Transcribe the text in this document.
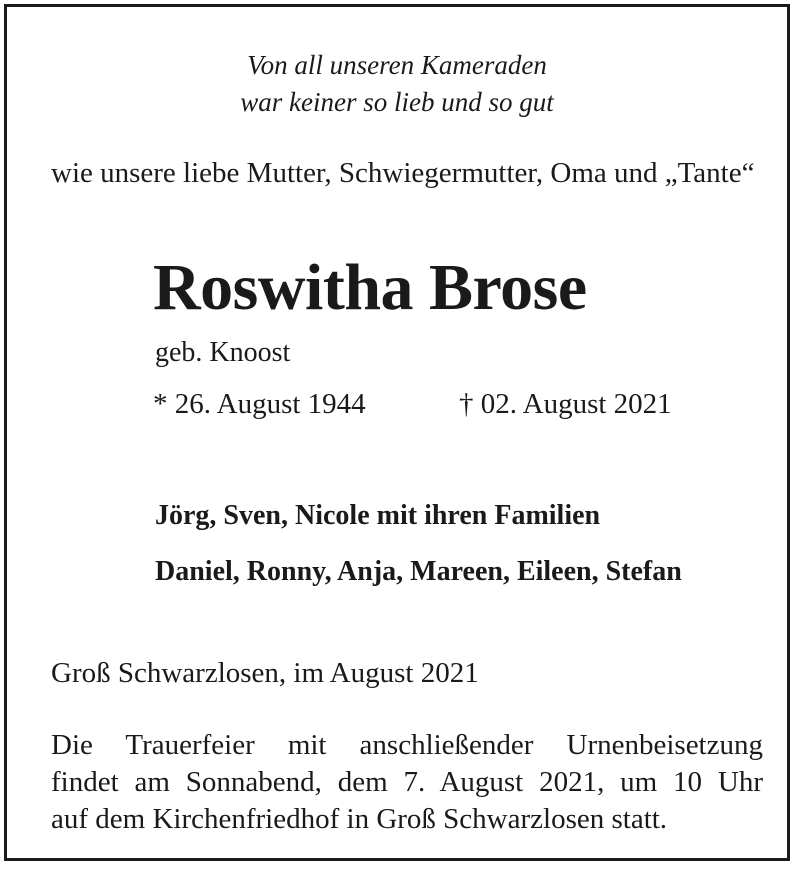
Von all unseren Kameraden
war keiner so lieb und so gut
wie unsere liebe Mutter, Schwiegermutter, Oma und „Tante“
Roswitha Brose
geb. Knoost
* 26. August 1944	† 02. August 2021
Jörg, Sven, Nicole mit ihren Familien
Daniel, Ronny, Anja, Mareen, Eileen, Stefan
Groß Schwarzlosen, im August 2021
Die Trauerfeier mit anschließender Urnenbeisetzung
findet am Sonnabend, dem 7. August 2021, um 10 Uhr
auf dem Kirchenfriedhof in Groß Schwarzlosen statt.
